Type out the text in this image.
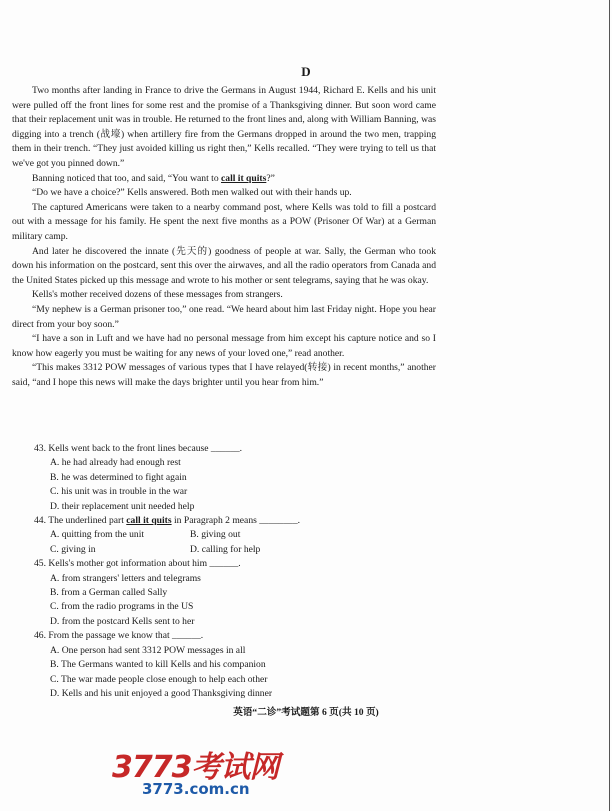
D

Two months after landing in France to drive the Germans in August 1944, Richard E. Kells and his unit were pulled off the front lines for some rest and the promise of a Thanksgiving dinner. But soon word came that their replacement unit was in trouble. He returned to the front lines and, along with William Banning, was digging into a trench (战壕) when artillery fire from the Germans dropped in around the two men, trapping them in their trench. “They just avoided killing us right then,” Kells recalled. “They were trying to tell us that we've got you pinned down.”

Banning noticed that too, and said, “You want to call it quits?”

“Do we have a choice?” Kells answered. Both men walked out with their hands up.

The captured Americans were taken to a nearby command post, where Kells was told to fill a postcard out with a message for his family. He spent the next five months as a POW (Prisoner Of War) at a German military camp.

And later he discovered the innate (先天的) goodness of people at war. Sally, the German who took down his information on the postcard, sent this over the airwaves, and all the radio operators from Canada and the United States picked up this message and wrote to his mother or sent telegrams, saying that he was okay.

Kells's mother received dozens of these messages from strangers.

“My nephew is a German prisoner too,” one read. “We heard about him last Friday night. Hope you hear direct from your boy soon.”

“I have a son in Luft and we have had no personal message from him except his capture notice and so I know how eagerly you must be waiting for any news of your loved one,” read another.

“This makes 3312 POW messages of various types that I have relayed(转接) in recent months,” another said, “and I hope this news will make the days brighter until you hear from him.”

43. Kells went back to the front lines because ______.

A. he had already had enough rest

B. he was determined to fight again

C. his unit was in trouble in the war

D. their replacement unit needed help

44. The underlined part call it quits in Paragraph 2 means ________.

A. quitting from the unit	B. giving out
C. giving in	D. calling for help

45. Kells's mother got information about him ______.

A. from strangers' letters and telegrams

B. from a German called Sally

C. from the radio programs in the US

D. from the postcard Kells sent to her

46. From the passage we know that ______.

A. One person had sent 3312 POW messages in all

B. The Germans wanted to kill Kells and his companion

C. The war made people close enough to help each other

D. Kells and his unit enjoyed a good Thanksgiving dinner

英语“二诊”考试题第 6 页(共 10 页)
3773考试网
3773.com.cn
